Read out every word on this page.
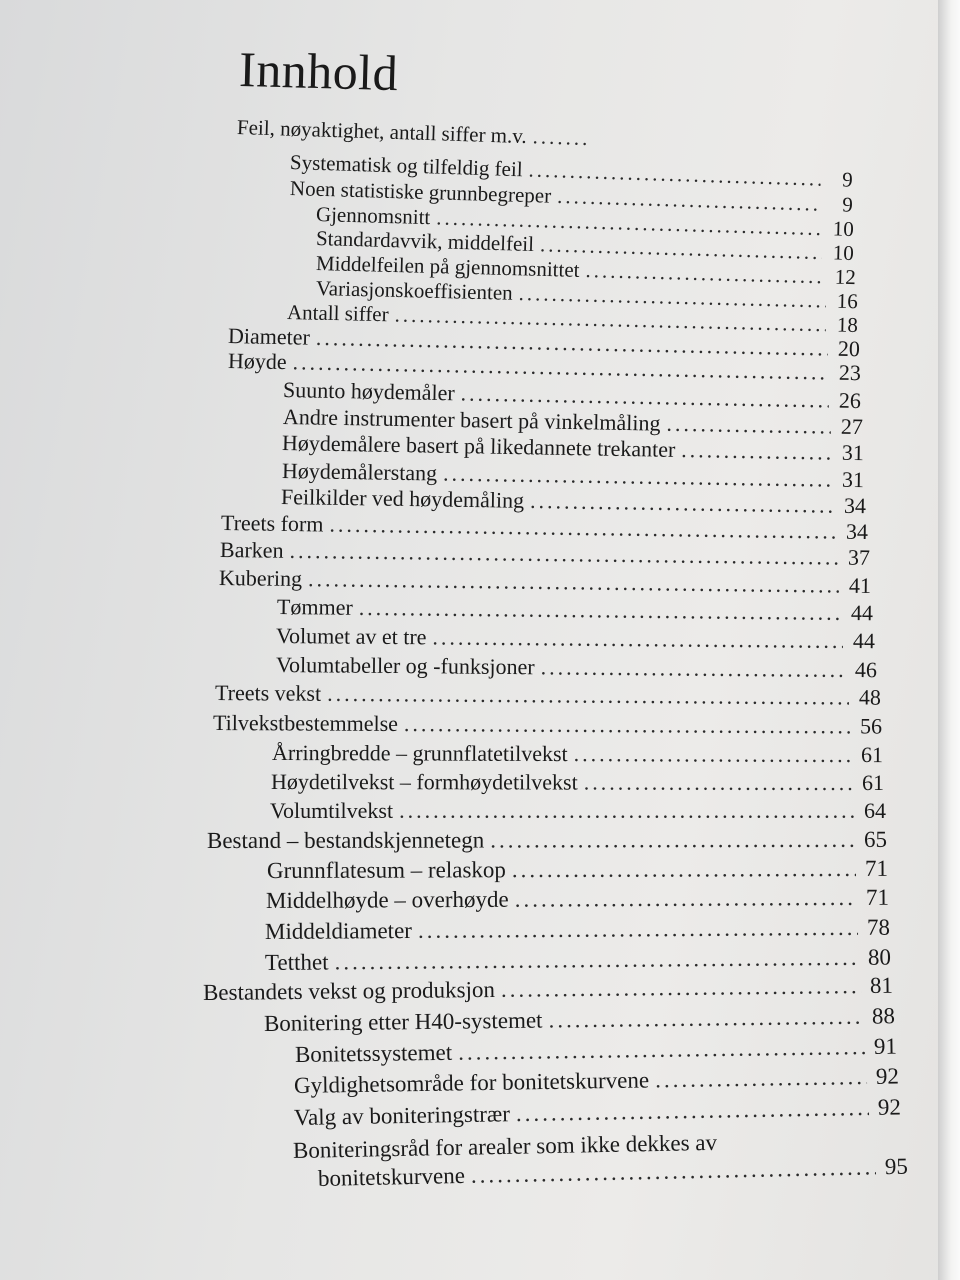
Innhold
Feil, nøyaktighet, antall siffer m.v.
.....
Systematisk og tilfeldig feil .....	9
Noen statistiske grunnbegreper .....	9
Gjennomsnitt .....	10
Standardavvik, middelfeil .....	10
Middelfeilen på gjennomsnittet .....	12
Variasjonskoeffisienten .....	16
Antall siffer .....	18
Diameter .....	20
Høyde .....	23
Suunto høydemåler .....	26
Andre instrumenter basert på vinkelmåling .....	27
Høydemålere basert på likedannete trekanter .....	31
Høydemålerstang .....	31
Feilkilder ved høydemåling .....	34
Treets form .....	34
Barken .....	37
Kubering .....	41
Tømmer .....	44
Volumet av et tre .....	44
Volumtabeller og -funksjoner .....	46
Treets vekst .....	48
Tilvekstbestemmelse .....	56
Årringbredde – grunnflatetilvekst .....	61
Høydetilvekst – formhøydetilvekst .....	61
Volumtilvekst .....	64
Bestand – bestandskjennetegn .....	65
Grunnflatesum – relaskop .....	71
Middelhøyde – overhøyde .....	71
Middeldiameter .....	78
Tetthet .....	80
Bestandets vekst og produksjon .....	81
Bonitering etter H40-systemet .....	88
Bonitetssystemet .....	91
Gyldighetsområde for bonitetskurvene .....	92
Valg av boniteringstrær .....	92
Boniteringsråd for arealer som ikke dekkes av
bonitetskurvene .....	95
